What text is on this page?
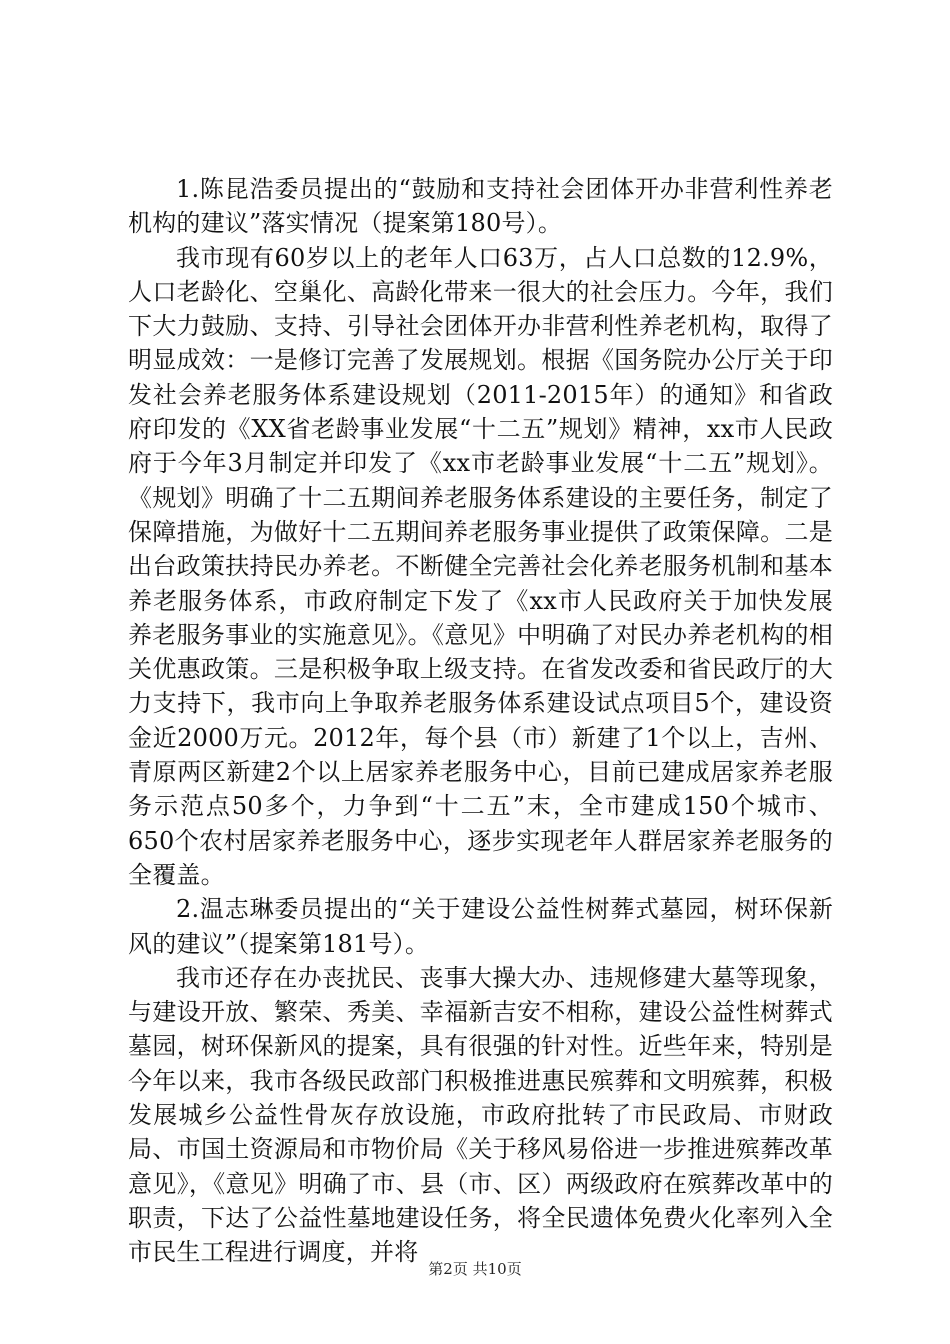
1.陈昆浩委员提出的“鼓励和支持社会团体开办非营利性养老机构的建议”落实情况（提案第180号）。

我市现有60岁以上的老年人口63万，占人口总数的12.9%，人口老龄化、空巢化、高龄化带来一很大的社会压力。今年，我们下大力鼓励、支持、引导社会团体开办非营利性养老机构，取得了明显成效：一是修订完善了发展规划。根据《国务院办公厅关于印发社会养老服务体系建设规划（2011-2015年）的通知》和省政府印发的《XX省老龄事业发展“十二五”规划》精神，xx市人民政府于今年3月制定并印发了《xx市老龄事业发展“十二五”规划》。《规划》明确了十二五期间养老服务体系建设的主要任务，制定了保障措施，为做好十二五期间养老服务事业提供了政策保障。二是出台政策扶持民办养老。不断健全完善社会化养老服务机制和基本养老服务体系，市政府制定下发了《xx市人民政府关于加快发展养老服务事业的实施意见》。《意见》中明确了对民办养老机构的相关优惠政策。三是积极争取上级支持。在省发改委和省民政厅的大力支持下，我市向上争取养老服务体系建设试点项目5个，建设资金近2000万元。2012年，每个县（市）新建了1个以上，吉州、青原两区新建2个以上居家养老服务中心，目前已建成居家养老服务示范点50多个，力争到“十二五”末，全市建成150个城市、650个农村居家养老服务中心，逐步实现老年人群居家养老服务的全覆盖。

2.温志琳委员提出的“关于建设公益性树葬式墓园，树环保新风的建议”（提案第181号）。

我市还存在办丧扰民、丧事大操大办、违规修建大墓等现象，与建设开放、繁荣、秀美、幸福新吉安不相称，建设公益性树葬式墓园，树环保新风的提案，具有很强的针对性。近些年来，特别是今年以来，我市各级民政部门积极推进惠民殡葬和文明殡葬，积极发展城乡公益性骨灰存放设施，市政府批转了市民政局、市财政局、市国土资源局和市物价局《关于移风易俗进一步推进殡葬改革意见》，《意见》明确了市、县（市、区）两级政府在殡葬改革中的职责，下达了公益性墓地建设任务，将全民遗体免费火化率列入全市民生工程进行调度，并将

第2页 共10页
